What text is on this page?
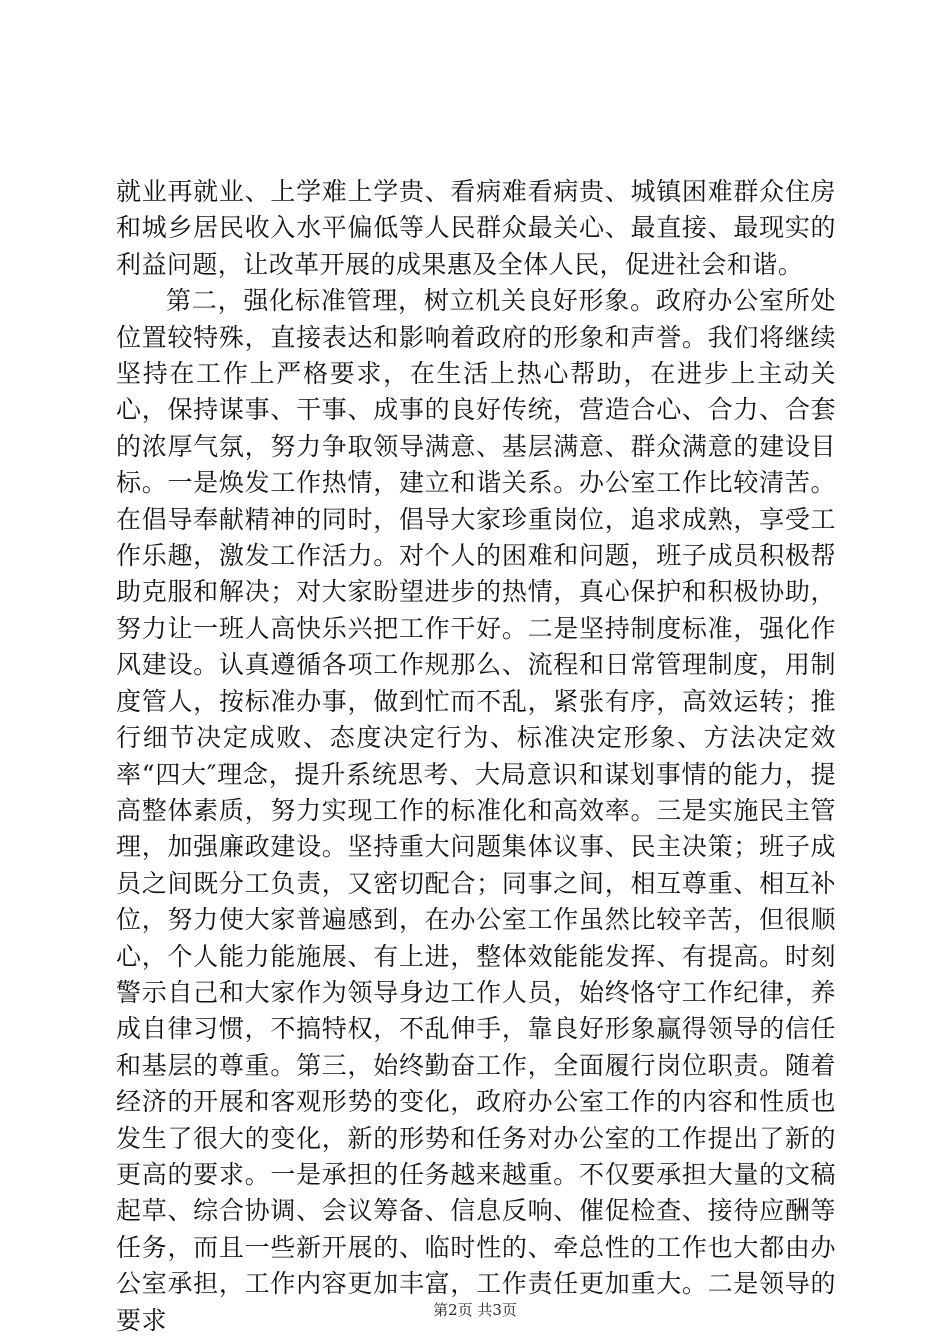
就业再就业、上学难上学贵、看病难看病贵、城镇困难群众住房和城乡居民收入水平偏低等人民群众最关心、最直接、最现实的利益问题，让改革开展的成果惠及全体人民，促进社会和谐。

第二，强化标准管理，树立机关良好形象。政府办公室所处位置较特殊，直接表达和影响着政府的形象和声誉。我们将继续坚持在工作上严格要求，在生活上热心帮助，在进步上主动关心，保持谋事、干事、成事的良好传统，营造合心、合力、合套的浓厚气氛，努力争取领导满意、基层满意、群众满意的建设目标。一是焕发工作热情，建立和谐关系。办公室工作比较清苦。在倡导奉献精神的同时，倡导大家珍重岗位，追求成熟，享受工作乐趣，激发工作活力。对个人的困难和问题，班子成员积极帮助克服和解决；对大家盼望进步的热情，真心保护和积极协助，努力让一班人高快乐兴把工作干好。二是坚持制度标准，强化作风建设。认真遵循各项工作规那么、流程和日常管理制度，用制度管人，按标准办事，做到忙而不乱，紧张有序，高效运转；推行细节决定成败、态度决定行为、标准决定形象、方法决定效率“四大″理念，提升系统思考、大局意识和谋划事情的能力，提高整体素质，努力实现工作的标准化和高效率。三是实施民主管理，加强廉政建设。坚持重大问题集体议事、民主决策；班子成员之间既分工负责，又密切配合；同事之间，相互尊重、相互补位，努力使大家普遍感到，在办公室工作虽然比较辛苦，但很顺心，个人能力能施展、有上进，整体效能能发挥、有提高。时刻警示自己和大家作为领导身边工作人员，始终恪守工作纪律，养成自律习惯，不搞特权，不乱伸手，靠良好形象赢得领导的信任和基层的尊重。第三，始终勤奋工作，全面履行岗位职责。随着经济的开展和客观形势的变化，政府办公室工作的内容和性质也发生了很大的变化，新的形势和任务对办公室的工作提出了新的更高的要求。一是承担的任务越来越重。不仅要承担大量的文稿起草、综合协调、会议筹备、信息反响、催促检查、接待应酬等任务，而且一些新开展的、临时性的、牵总性的工作也大都由办公室承担，工作内容更加丰富，工作责任更加重大。二是领导的要求	第2页 共3页
